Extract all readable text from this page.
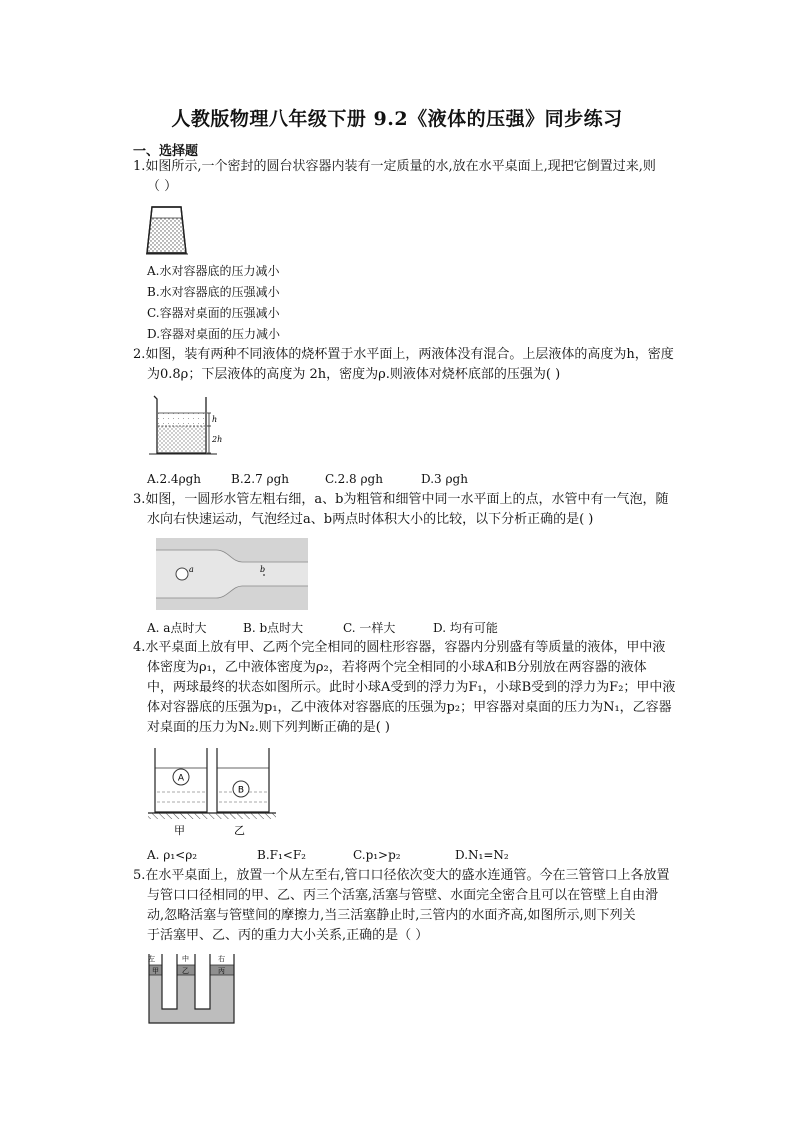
人教版物理八年级下册 9.2《液体的压强》同步练习
一、选择题
1.如图所示,一个密封的圆台状容器内装有一定质量的水,放在水平桌面上,现把它倒置过来,则
（ ）
A.水对容器底的压力减小
B.水对容器底的压强减小
C.容器对桌面的压强减小
D.容器对桌面的压力减小
2.如图，装有两种不同液体的烧杯置于水平面上，两液体没有混合。上层液体的高度为h，密度
为0.8ρ；下层液体的高度为 2h，密度为ρ.则液体对烧杯底部的压强为( )
h
2h
A.2.4ρgh B.2.7 ρgh	C.2.8 ρgh	D.3 ρgh
3.如图，一圆形水管左粗右细，a、b为粗管和细管中同一水平面上的点，水管中有一气泡，随
水向右快速运动，气泡经过a、b两点时体积大小的比较，以下分析正确的是( )
a	b
A. a点时大	B. b点时大	C. 一样大	D. 均有可能
4.水平桌面上放有甲、乙两个完全相同的圆柱形容器，容器内分别盛有等质量的液体，甲中液
体密度为ρ₁，乙中液体密度为ρ₂，若将两个完全相同的小球A和B分别放在两容器的液体
中，两球最终的状态如图所示。此时小球A受到的浮力为F₁，小球B受到的浮力为F₂；甲中液
体对容器底的压强为p₁，乙中液体对容器底的压强为p₂；甲容器对桌面的压力为N₁，乙容器
对桌面的压力为N₂.则下列判断正确的是( )
A
B
甲	乙
A. ρ₁<ρ₂	B.F₁<F₂	C.p₁>p₂	D.N₁=N₂
5.在水平桌面上，放置一个从左至右,管口口径依次变大的盛水连通管。今在三管管口上各放置
与管口口径相同的甲、乙、丙三个活塞,活塞与管壁、水面完全密合且可以在管壁上自由滑
动,忽略活塞与管壁间的摩擦力,当三活塞静止时,三管内的水面齐高,如图所示,则下列关
于活塞甲、乙、丙的重力大小关系,正确的是（ ）
左	中	右
甲	乙	丙
